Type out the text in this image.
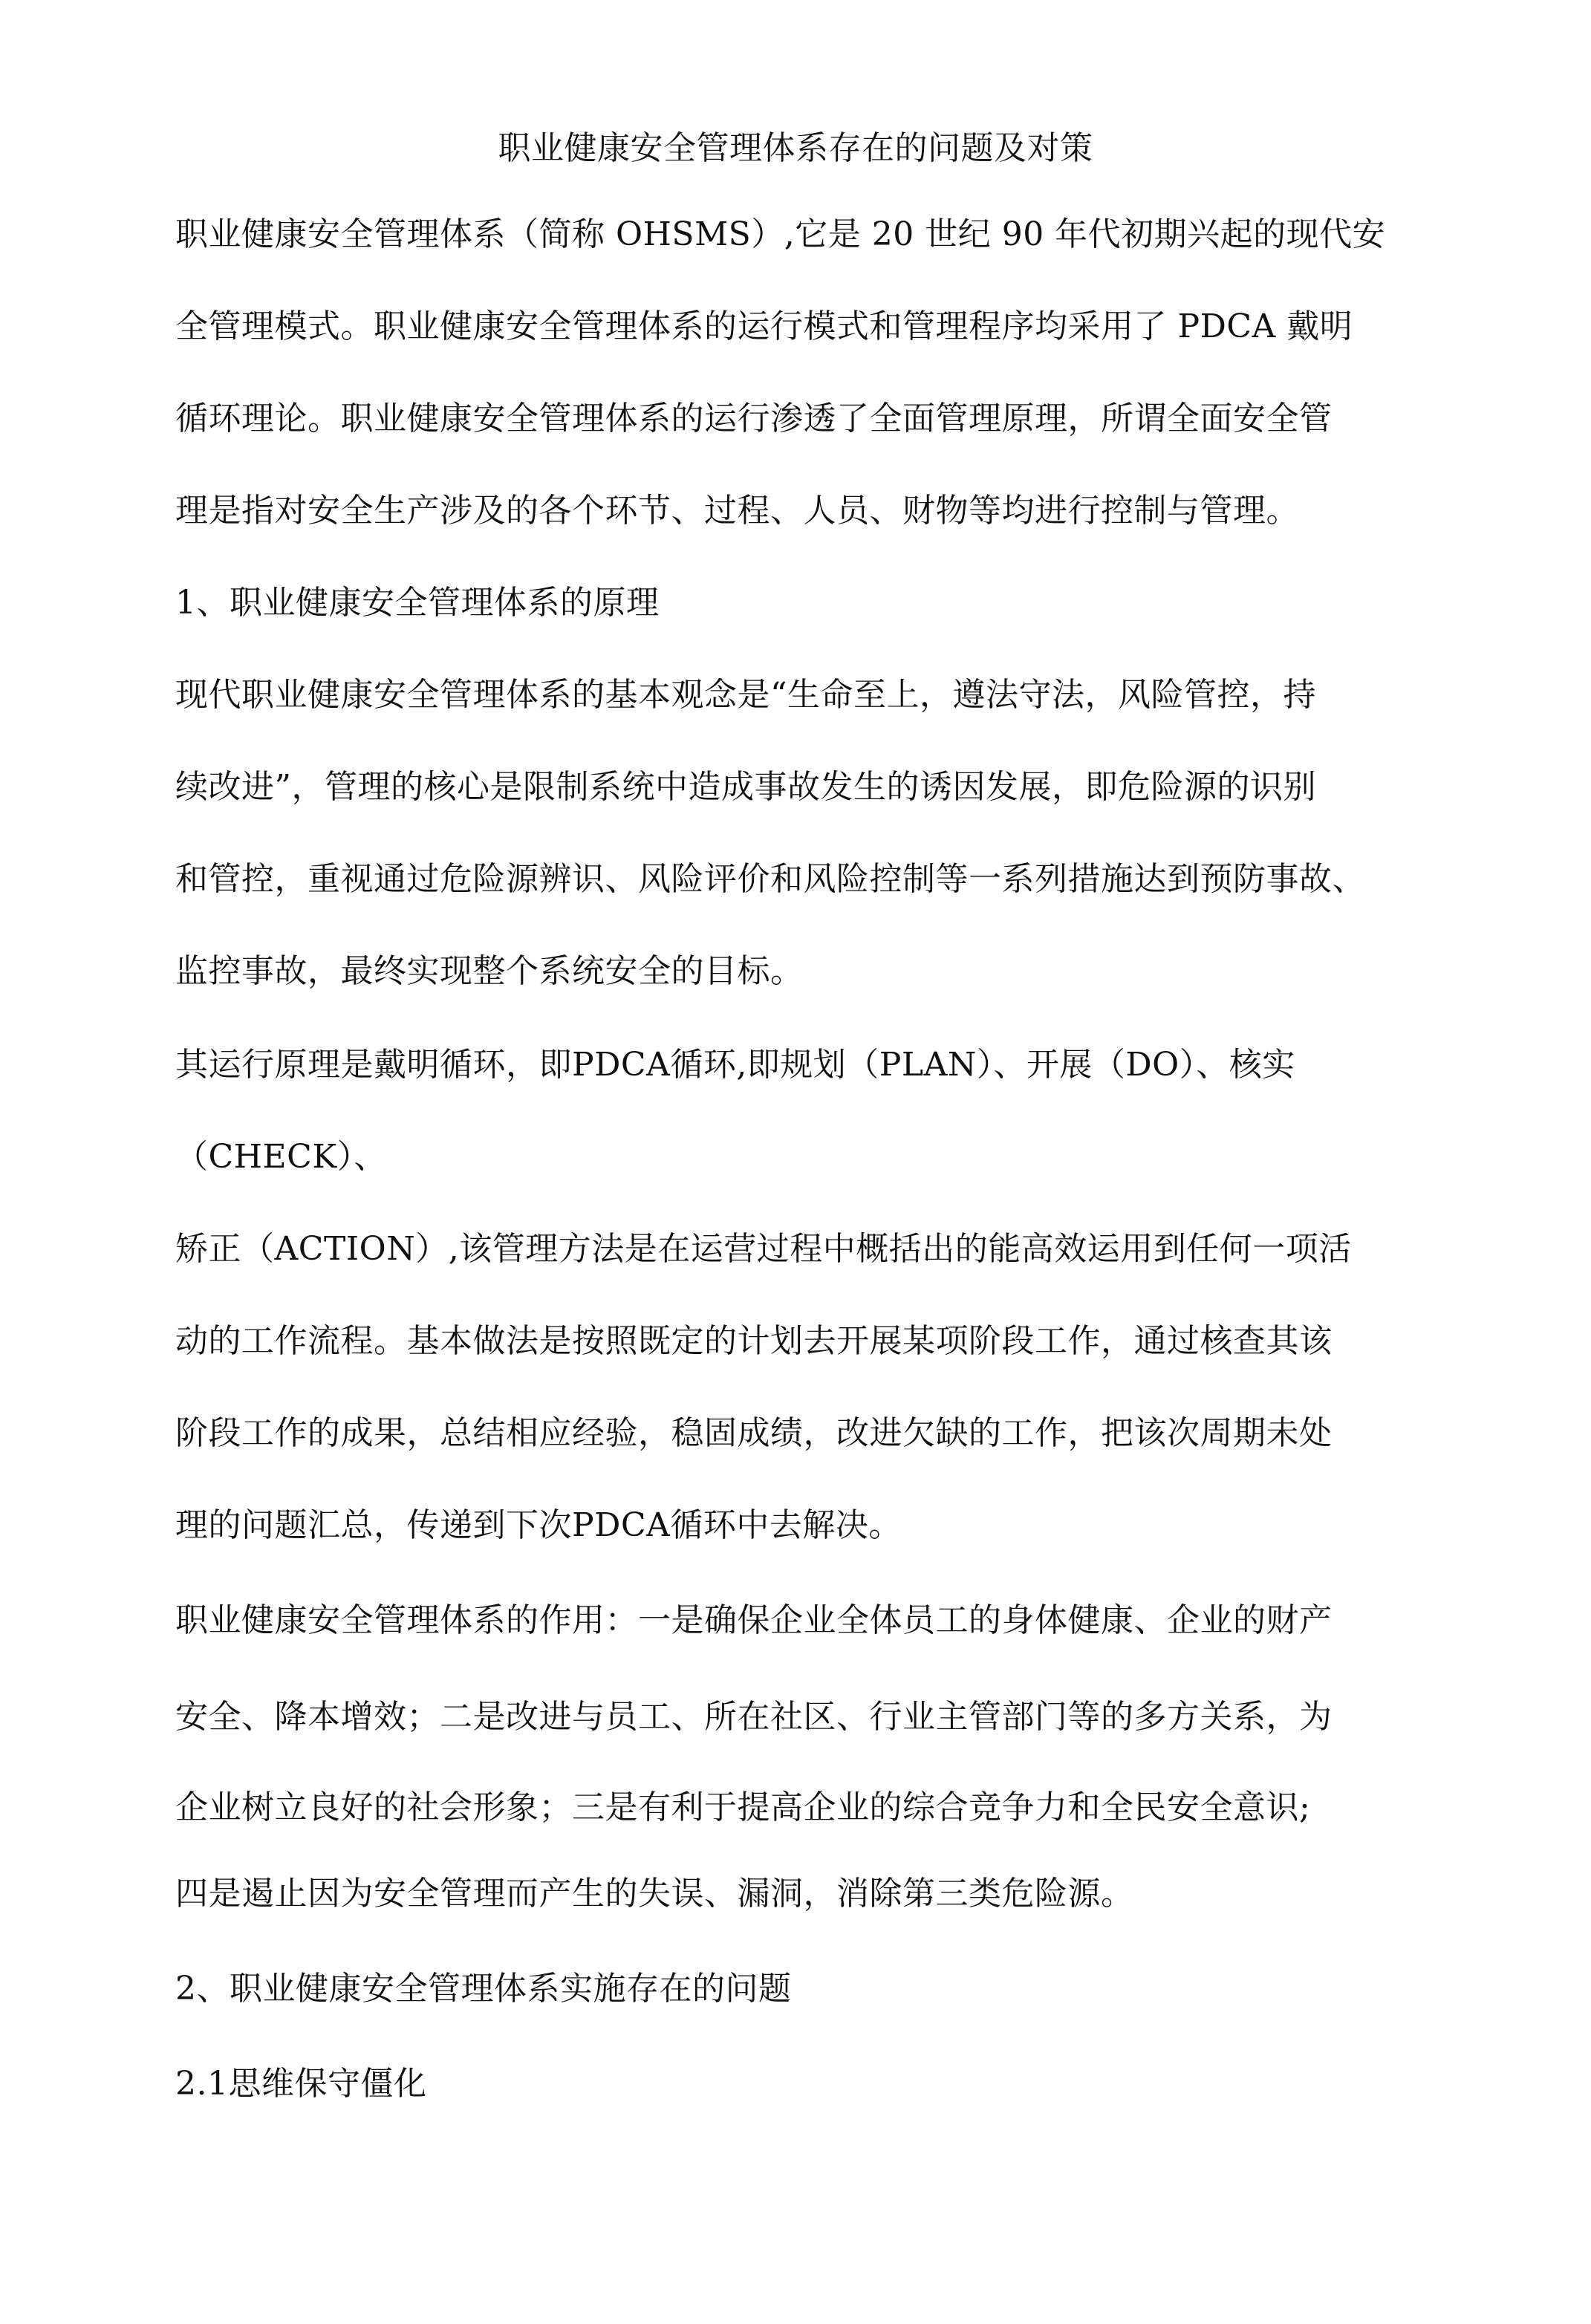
职业健康安全管理体系存在的问题及对策
职业健康安全管理体系（简称 OHSMS）,它是 20 世纪 90 年代初期兴起的现代安
全管理模式。职业健康安全管理体系的运行模式和管理程序均采用了 PDCA 戴明
循环理论。职业健康安全管理体系的运行渗透了全面管理原理，所谓全面安全管
理是指对安全生产涉及的各个环节、过程、人员、财物等均进行控制与管理。
1、职业健康安全管理体系的原理
现代职业健康安全管理体系的基本观念是“生命至上，遵法守法，风险管控，持
续改进”，管理的核心是限制系统中造成事故发生的诱因发展，即危险源的识别
和管控，重视通过危险源辨识、风险评价和风险控制等一系列措施达到预防事故、
监控事故，最终实现整个系统安全的目标。
其运行原理是戴明循环，即PDCA循环,即规划（PLAN）、开展（DO）、核实
（CHECK）、
矫正（ACTION）,该管理方法是在运营过程中概括出的能高效运用到任何一项活
动的工作流程。基本做法是按照既定的计划去开展某项阶段工作，通过核查其该
阶段工作的成果，总结相应经验，稳固成绩，改进欠缺的工作，把该次周期未处
理的问题汇总，传递到下次PDCA循环中去解决。
职业健康安全管理体系的作用：一是确保企业全体员工的身体健康、企业的财产
安全、降本增效；二是改进与员工、所在社区、行业主管部门等的多方关系，为
企业树立良好的社会形象；三是有利于提高企业的综合竞争力和全民安全意识;
四是遏止因为安全管理而产生的失误、漏洞，消除第三类危险源。
2、职业健康安全管理体系实施存在的问题
2.1思维保守僵化
